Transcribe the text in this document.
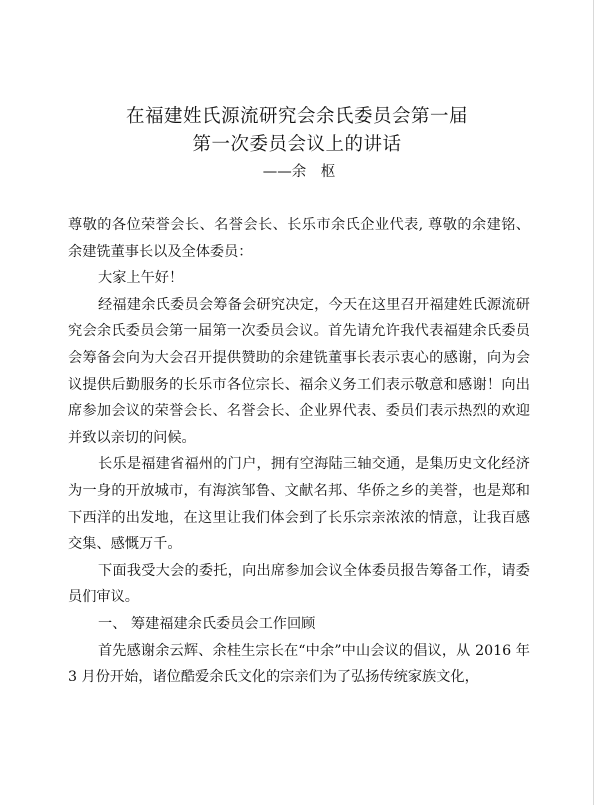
在福建姓氏源流研究会余氏委员会第一届
第一次委员会议上的讲话
——余　枢

尊敬的各位荣誉会长、名誉会长、长乐市余氏企业代表, 尊敬的余建铭、余建铣董事长以及全体委员：

大家上午好！

经福建余氏委员会筹备会研究决定，今天在这里召开福建姓氏源流研究会余氏委员会第一届第一次委员会议。首先请允许我代表福建余氏委员会筹备会向为大会召开提供赞助的余建铣董事长表示衷心的感谢，向为会议提供后勤服务的长乐市各位宗长、福余义务工们表示敬意和感谢！向出席参加会议的荣誉会长、名誉会长、企业界代表、委员们表示热烈的欢迎并致以亲切的问候。

长乐是福建省福州的门户，拥有空海陆三轴交通，是集历史文化经济为一身的开放城市，有海滨邹鲁、文献名邦、华侨之乡的美誉，也是郑和下西洋的出发地，在这里让我们体会到了长乐宗亲浓浓的情意，让我百感交集、感慨万千。

下面我受大会的委托，向出席参加会议全体委员报告筹备工作，请委员们审议。

一、 筹建福建余氏委员会工作回顾

首先感谢余云辉、余桂生宗长在“中余”中山会议的倡议，从 2016 年 3 月份开始，诸位酷爱余氏文化的宗亲们为了弘扬传统家族文化，
